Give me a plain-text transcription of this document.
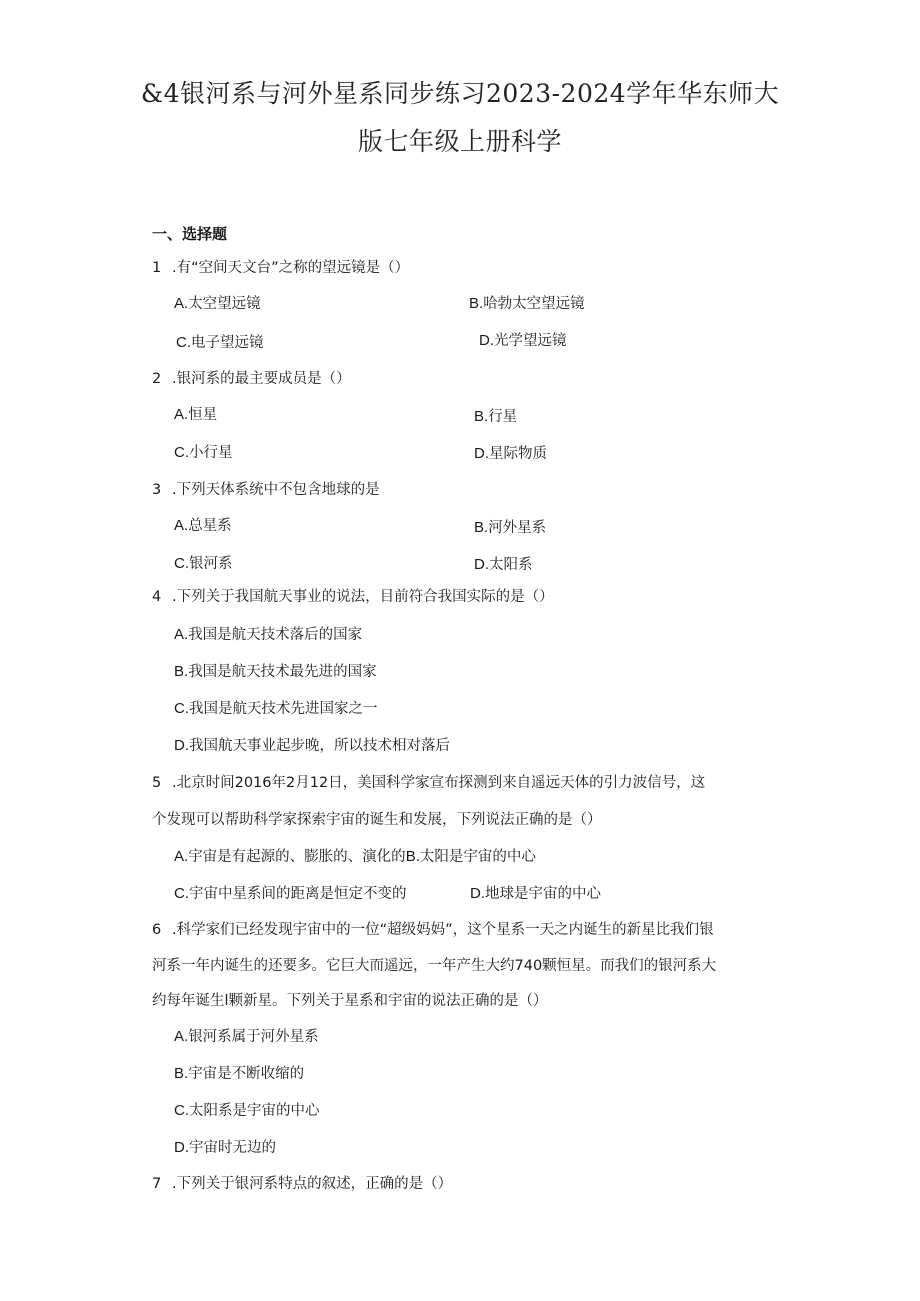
&4银河系与河外星系同步练习2023-2024学年华东师大
版七年级上册科学
一、选择题
1 .有“空间天文台”之称的望远镜是（）
A.太空望远镜	B.哈勃太空望远镜
C.电子望远镜	D.光学望远镜
2 .银河系的最主要成员是（）
A.恒星	B.行星
C.小行星	D.星际物质
3 .下列天体系统中不包含地球的是
A.总星系	B.河外星系
C.银河系	D.太阳系
4 .下列关于我国航天事业的说法，目前符合我国实际的是（）
A.我国是航天技术落后的国家
B.我国是航天技术最先进的国家
C.我国是航天技术先进国家之一
D.我国航天事业起步晚，所以技术相对落后
5 .北京时间2016年2月12日，美国科学家宣布探测到来自遥远天体的引力波信号，这
个发现可以帮助科学家探索宇宙的诞生和发展，下列说法正确的是（）
A.宇宙是有起源的、膨胀的、演化的B.太阳是宇宙的中心
C.宇宙中星系间的距离是恒定不变的	D.地球是宇宙的中心
6 .科学家们已经发现宇宙中的一位“超级妈妈”，这个星系一天之内诞生的新星比我们银
河系一年内诞生的还要多。它巨大而遥远，一年产生大约740颗恒星。而我们的银河系大
约每年诞生l颗新星。下列关于星系和宇宙的说法正确的是（）
A.银河系属于河外星系
B.宇宙是不断收缩的
C.太阳系是宇宙的中心
D.宇宙时无边的
7 .下列关于银河系特点的叙述，正确的是（）
